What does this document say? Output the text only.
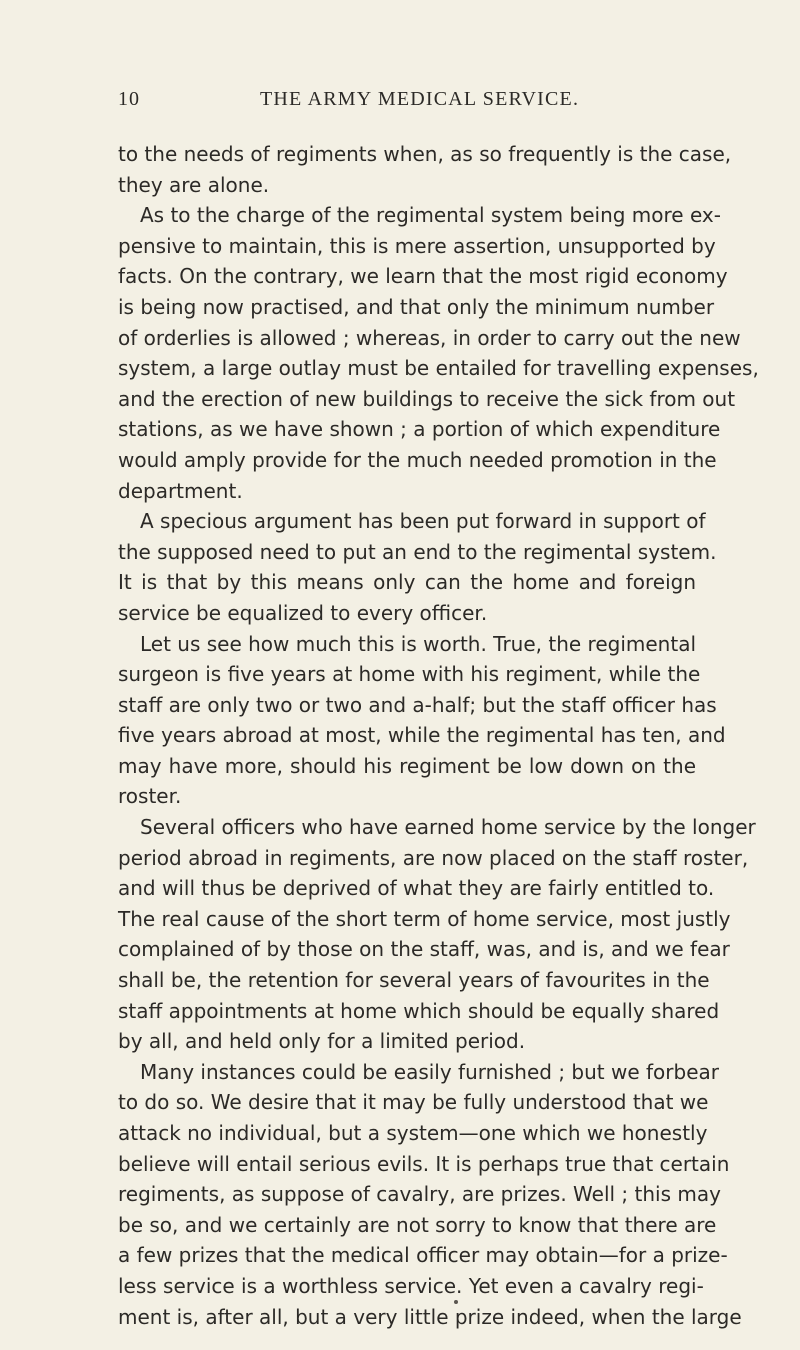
10	THE ARMY MEDICAL SERVICE.
to the needs of regiments when, as so frequently is the case,
they are alone.
As to the charge of the regimental system being more ex-
pensive to maintain, this is mere assertion, unsupported by
facts. On the contrary, we learn that the most rigid economy
is being now practised, and that only the minimum number
of orderlies is allowed ; whereas, in order to carry out the new
system, a large outlay must be entailed for travelling expenses,
and the erection of new buildings to receive the sick from out
stations, as we have shown ; a portion of which expenditure
would amply provide for the much needed promotion in the
department.
A specious argument has been put forward in support of
the supposed need to put an end to the regimental system.
It is that by this means only can the home and foreign
service be equalized to every officer.
Let us see how much this is worth. True, the regimental
surgeon is five years at home with his regiment, while the
staff are only two or two and a-half; but the staff officer has
five years abroad at most, while the regimental has ten, and
may have more, should his regiment be low down on the
roster.
Several officers who have earned home service by the longer
period abroad in regiments, are now placed on the staff roster,
and will thus be deprived of what they are fairly entitled to.
The real cause of the short term of home service, most justly
complained of by those on the staff, was, and is, and we fear
shall be, the retention for several years of favourites in the
staff appointments at home which should be equally shared
by all, and held only for a limited period.
Many instances could be easily furnished ; but we forbear
to do so. We desire that it may be fully understood that we
attack no individual, but a system—one which we honestly
believe will entail serious evils. It is perhaps true that certain
regiments, as suppose of cavalry, are prizes. Well ; this may
be so, and we certainly are not sorry to know that there are
a few prizes that the medical officer may obtain—for a prize-
less service is a worthless service. Yet even a cavalry regi-
ment is, after all, but a very little prize indeed, when the large
